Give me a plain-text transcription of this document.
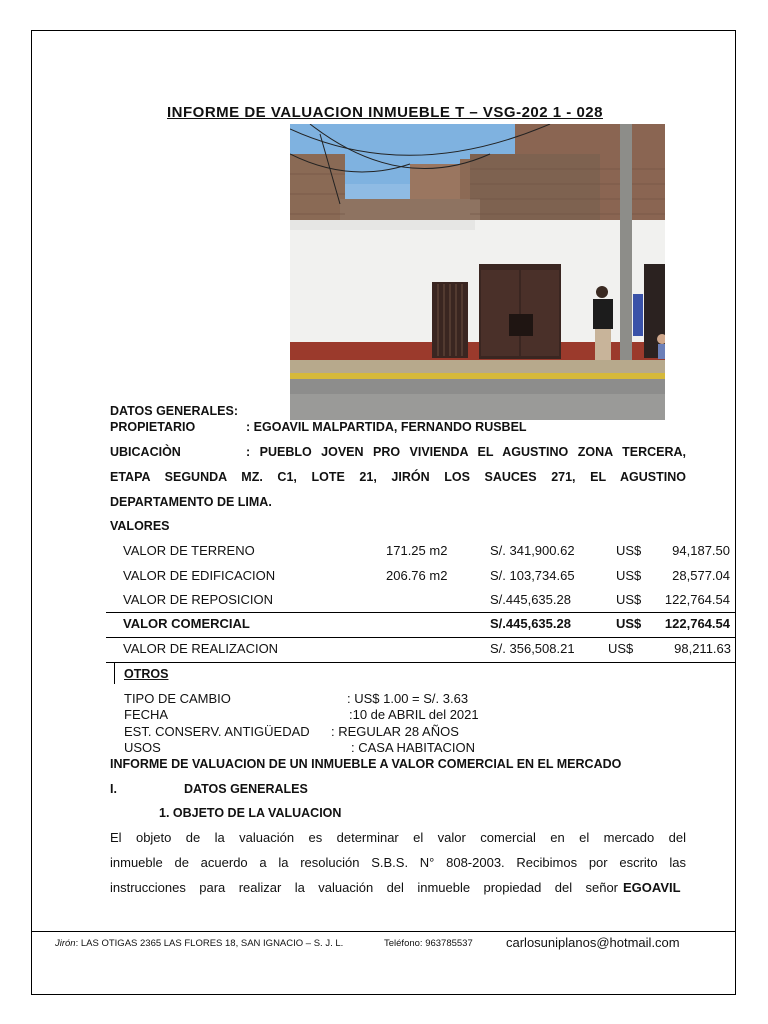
INFORME DE VALUACION INMUEBLE T – VSG-202 1 - 028
DATOS GENERALES:
PROPIETARIO	: EGOAVIL MALPARTIDA, FERNANDO RUSBEL
UBICACIÒN	: PUEBLO JOVEN PRO VIVIENDA EL AGUSTINO ZONA TERCERA,
ETAPA SEGUNDA MZ. C1, LOTE 21, JIRÓN LOS SAUCES 271, EL AGUSTINO
DEPARTAMENTO DE LIMA.
VALORES
VALOR DE TERRENO	171.25 m2	S/. 341,900.62	US$ 94,187.50
VALOR DE EDIFICACION	206.76 m2	S/. 103,734.65	US$ 28,577.04
VALOR DE REPOSICION	S/.445,635.28	US$ 122,764.54
VALOR COMERCIAL	S/.445,635.28	US$ 122,764.54
VALOR DE REALIZACION	S/. 356,508.21	US$	98,211.63
OTROS
TIPO DE CAMBIO	: US$ 1.00 = S/. 3.63
FECHA	:10 de ABRIL del 2021
EST. CONSERV. ANTIGÜEDAD : REGULAR 28 AÑOS
USOS	: CASA HABITACION
INFORME DE VALUACION DE UN INMUEBLE A VALOR COMERCIAL EN EL MERCADO
I.	DATOS GENERALES
1. OBJETO DE LA VALUACION
El objeto de la valuación es determinar el valor comercial en el mercado del
inmueble de acuerdo a la resolución S.B.S. N° 808-2003. Recibimos por escrito las
instrucciones para realizar la valuación del inmueble propiedad del señor EGOAVIL
Jirón: LAS OTIGAS 2365 LAS FLORES 18, SAN IGNACIO – S. J. L.	Teléfono: 963785537	carlosuniplanos@hotmail.com
